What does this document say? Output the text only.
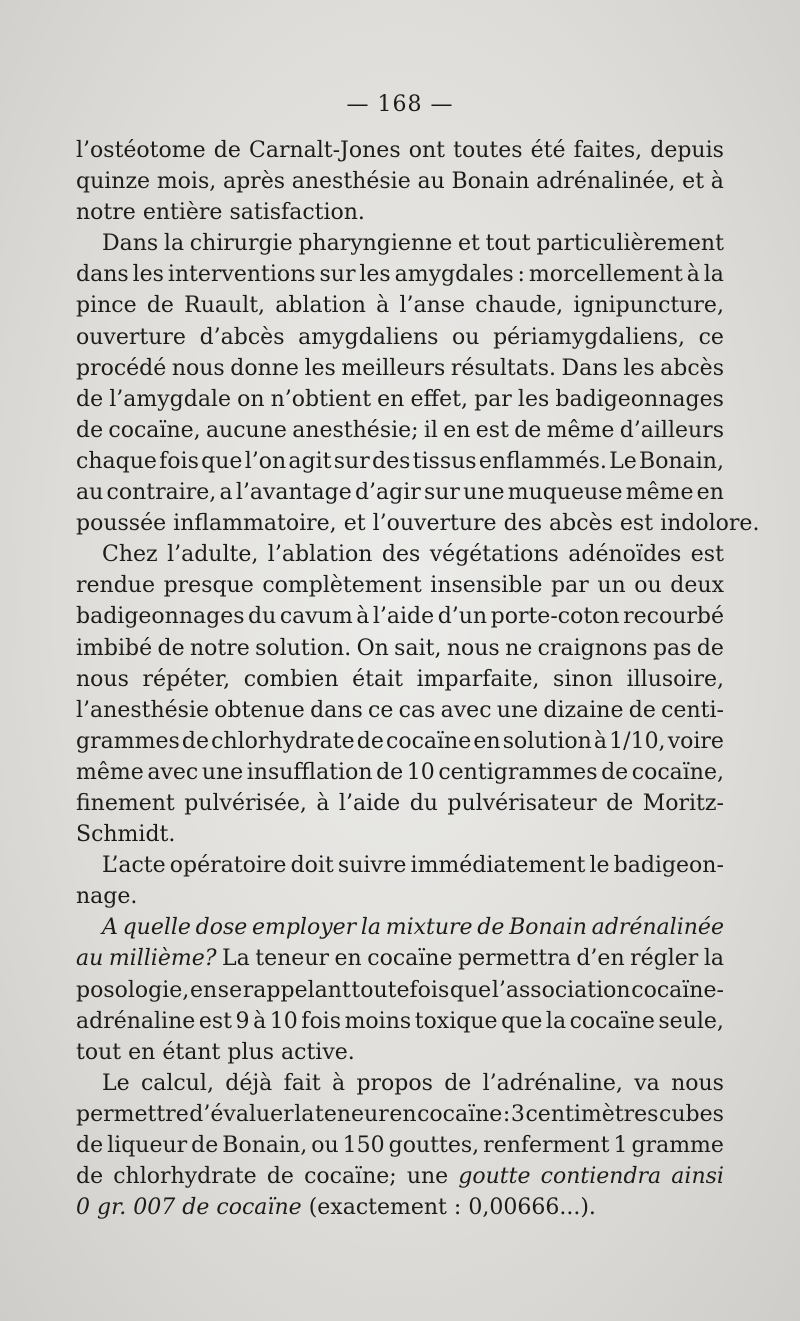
— 168 —
l’ostéotome de Carnalt-Jones ont toutes été faites, depuis
quinze mois, après anesthésie au Bonain adrénalinée, et à
notre entière satisfaction.
Dans la chirurgie pharyngienne et tout particulièrement
dans les interventions sur les amygdales : morcellement à la
pince de Ruault, ablation à l’anse chaude, ignipuncture,
ouverture d’abcès amygdaliens ou périamygdaliens, ce
procédé nous donne les meilleurs résultats. Dans les abcès
de l’amygdale on n’obtient en effet, par les badigeonnages
de cocaïne, aucune anesthésie; il en est de même d’ailleurs
chaque fois que l’on agit sur des tissus enflammés. Le Bonain,
au contraire, a l’avantage d’agir sur une muqueuse même en
poussée inflammatoire, et l’ouverture des abcès est indolore.
Chez l’adulte, l’ablation des végétations adénoïdes est
rendue presque complètement insensible par un ou deux
badigeonnages du cavum à l’aide d’un porte-coton recourbé
imbibé de notre solution. On sait, nous ne craignons pas de
nous répéter, combien était imparfaite, sinon illusoire,
l’anesthésie obtenue dans ce cas avec une dizaine de centi-
grammes de chlorhydrate de cocaïne en solution à 1/10, voire
même avec une insufflation de 10 centigrammes de cocaïne,
finement pulvérisée, à l’aide du pulvérisateur de Moritz-
Schmidt.
L’acte opératoire doit suivre immédiatement le badigeon-
nage.
A quelle dose employer la mixture de Bonain adrénalinée
au millième? La teneur en cocaïne permettra d’en régler la
posologie, en se rappelant toutefois que l’association cocaïne-
adrénaline est 9 à 10 fois moins toxique que la cocaïne seule,
tout en étant plus active.
Le calcul, déjà fait à propos de l’adrénaline, va nous
permettre d’évaluer la teneur en cocaïne : 3 centimètres cubes
de liqueur de Bonain, ou 150 gouttes, renferment 1 gramme
de chlorhydrate de cocaïne; une goutte contiendra ainsi
0 gr. 007 de cocaïne (exactement : 0,00666...).
